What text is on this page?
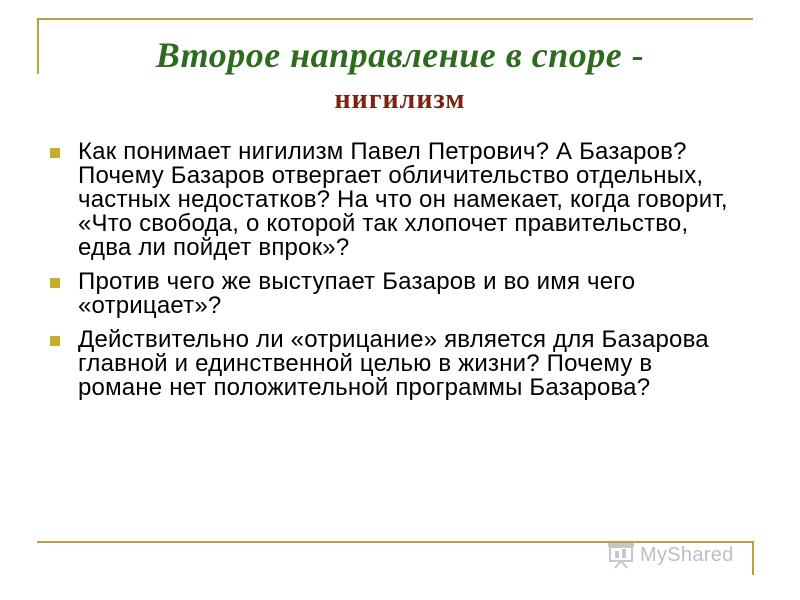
Второе направление в споре -
нигилизм
Как понимает нигилизм Павел Петрович? А Базаров? Почему Базаров отвергает обличительство отдельных, частных недостатков? На что он намекает, когда говорит, «Что свобода, о которой так хлопочет правительство, едва ли пойдет впрок»?
Против чего же выступает Базаров и во имя чего «отрицает»?
Действительно ли «отрицание» является для Базарова главной и единственной целью в жизни? Почему в романе нет положительной программы Базарова?
MyShared
